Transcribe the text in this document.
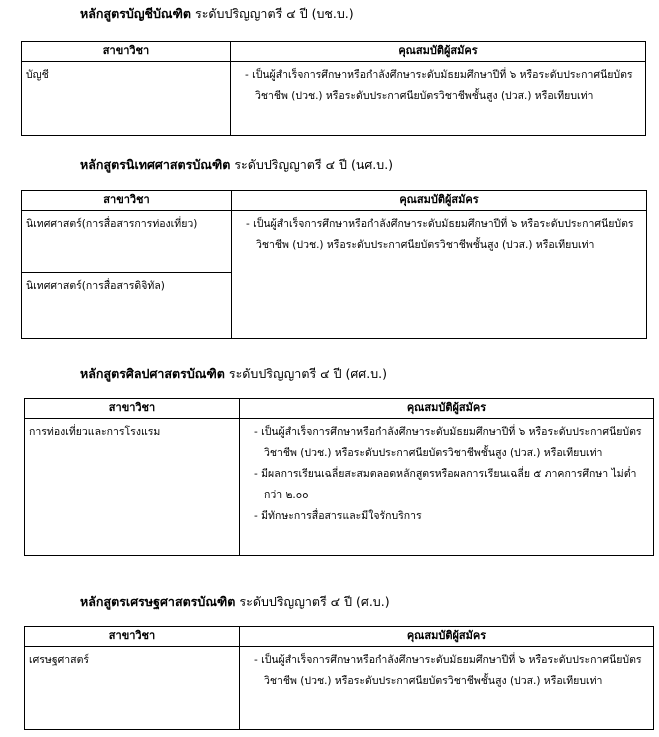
หลักสูตรบัญชีบัณฑิต ระดับปริญญาตรี ๔ ปี (บช.บ.)
สาขาวิชา	คุณสมบัติผู้สมัคร
บัญชี	- เป็นผู้สำเร็จการศึกษาหรือกำลังศึกษาระดับมัธยมศึกษาปีที่ ๖ หรือระดับประกาศนียบัตรวิชาชีพ (ปวช.) หรือระดับประกาศนียบัตรวิชาชีพชั้นสูง (ปวส.) หรือเทียบเท่า
หลักสูตรนิเทศศาสตรบัณฑิต ระดับปริญญาตรี ๔ ปี (นศ.บ.)
สาขาวิชา	คุณสมบัติผู้สมัคร
นิเทศศาสตร์(การสื่อสารการท่องเที่ยว)	- เป็นผู้สำเร็จการศึกษาหรือกำลังศึกษาระดับมัธยมศึกษาปีที่ ๖ หรือระดับประกาศนียบัตรวิชาชีพ (ปวช.) หรือระดับประกาศนียบัตรวิชาชีพชั้นสูง (ปวส.) หรือเทียบเท่า

นิเทศศาสตร์(การสื่อสารดิจิทัล)	
หลักสูตรศิลปศาสตรบัณฑิต ระดับปริญญาตรี ๔ ปี (ศศ.บ.)
สาขาวิชา	คุณสมบัติผู้สมัคร
การท่องเที่ยวและการโรงแรม	- เป็นผู้สำเร็จการศึกษาหรือกำลังศึกษาระดับมัธยมศึกษาปีที่ ๖ หรือระดับประกาศนียบัตรวิชาชีพ (ปวช.) หรือระดับประกาศนียบัตรวิชาชีพชั้นสูง (ปวส.) หรือเทียบเท่า
- มีผลการเรียนเฉลี่ยสะสมตลอดหลักสูตรหรือผลการเรียนเฉลี่ย ๕ ภาคการศึกษา ไม่ต่ำกว่า ๒.๐๐
- มีทักษะการสื่อสารและมีใจรักบริการ
หลักสูตรเศรษฐศาสตรบัณฑิต ระดับปริญญาตรี ๔ ปี (ศ.บ.)
สาขาวิชา	คุณสมบัติผู้สมัคร
เศรษฐศาสตร์	- เป็นผู้สำเร็จการศึกษาหรือกำลังศึกษาระดับมัธยมศึกษาปีที่ ๖ หรือระดับประกาศนียบัตรวิชาชีพ (ปวช.) หรือระดับประกาศนียบัตรวิชาชีพชั้นสูง (ปวส.) หรือเทียบเท่า
